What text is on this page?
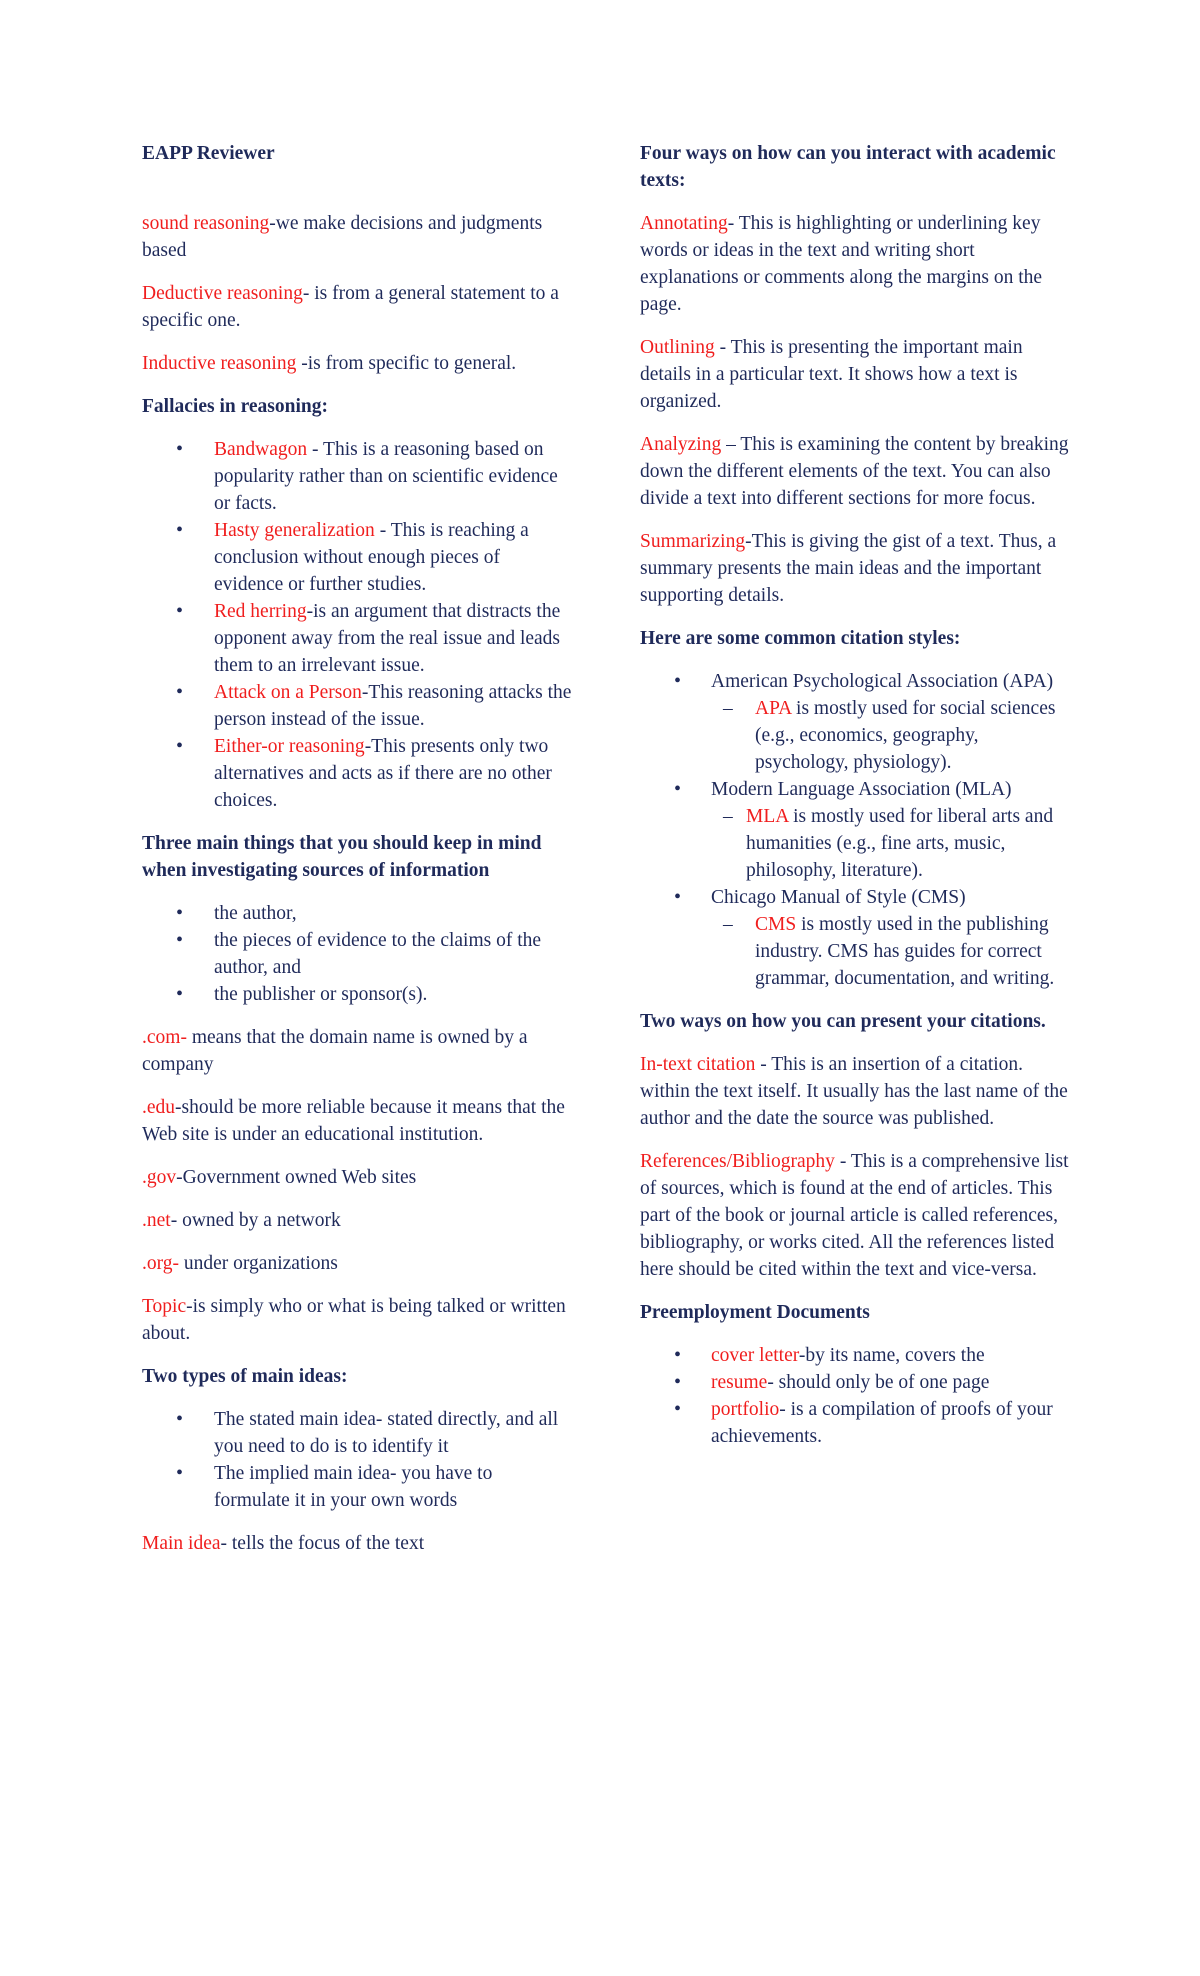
EAPP Reviewer

sound reasoning-we make decisions and judgments based

Deductive reasoning- is from a general statement to a specific one.

Inductive reasoning -is from specific to general.

Fallacies in reasoning:

• Bandwagon - This is a reasoning based on popularity rather than on scientific evidence or facts.
• Hasty generalization - This is reaching a conclusion without enough pieces of evidence or further studies.
• Red herring-is an argument that distracts the opponent away from the real issue and leads them to an irrelevant issue.
• Attack on a Person-This reasoning attacks the person instead of the issue.
• Either-or reasoning-This presents only two alternatives and acts as if there are no other choices.

Three main things that you should keep in mind when investigating sources of information

• the author,
• the pieces of evidence to the claims of the author, and
• the publisher or sponsor(s).

.com- means that the domain name is owned by a company

.edu-should be more reliable because it means that the Web site is under an educational institution.

.gov-Government owned Web sites

.net- owned by a network

.org- under organizations

Topic-is simply who or what is being talked or written about.

Two types of main ideas:

• The stated main idea- stated directly, and all you need to do is to identify it
• The implied main idea- you have to formulate it in your own words

Main idea- tells the focus of the text

Four ways on how can you interact with academic texts:

Annotating- This is highlighting or underlining key words or ideas in the text and writing short explanations or comments along the margins on the page.

Outlining - This is presenting the important main details in a particular text. It shows how a text is organized.

Analyzing – This is examining the content by breaking down the different elements of the text. You can also divide a text into different sections for more focus.

Summarizing-This is giving the gist of a text. Thus, a summary presents the main ideas and the important supporting details.

Here are some common citation styles:

• American Psychological Association (APA)
– APA is mostly used for social sciences (e.g., economics, geography, psychology, physiology).
• Modern Language Association (MLA)
– MLA is mostly used for liberal arts and humanities (e.g., fine arts, music, philosophy, literature).
• Chicago Manual of Style (CMS)
– CMS is mostly used in the publishing industry. CMS has guides for correct grammar, documentation, and writing.

Two ways on how you can present your citations.

In-text citation - This is an insertion of a citation. within the text itself. It usually has the last name of the author and the date the source was published.

References/Bibliography - This is a comprehensive list of sources, which is found at the end of articles. This part of the book or journal article is called references, bibliography, or works cited. All the references listed here should be cited within the text and vice-versa.

Preemployment Documents

• cover letter-by its name, covers the
• resume- should only be of one page
• portfolio- is a compilation of proofs of your achievements.
